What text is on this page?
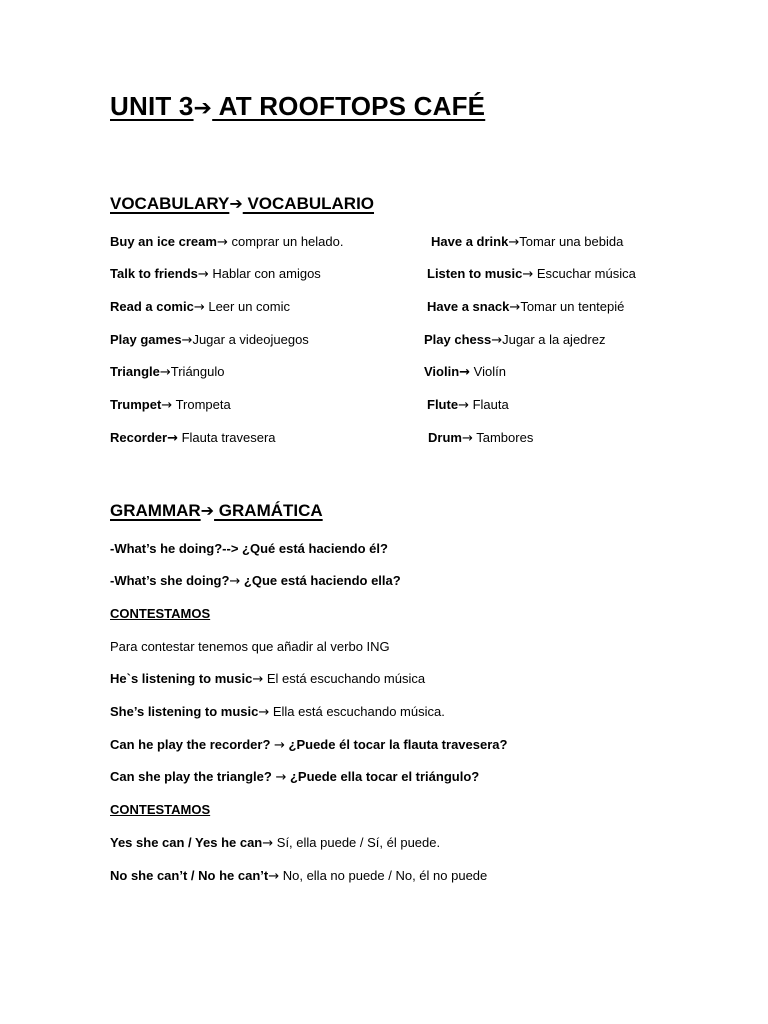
UNIT 3➔ AT ROOFTOPS CAFÉ
VOCABULARY➔ VOCABULARIO
Buy an ice cream→ comprar un helado.
Talk to friends→ Hablar con amigos
Read a comic→ Leer un comic
Play games→Jugar a videojuegos
Triangle→Triángulo
Trumpet→ Trompeta
Recorder→ Flauta travesera
Have a drink→Tomar una bebida
Listen to music→ Escuchar música
Have a snack→Tomar un tentepié
Play chess→Jugar a la ajedrez
Violin→ Violín
Flute→ Flauta
Drum→ Tambores
GRAMMAR➔ GRAMÁTICA
-What’s he doing?--> ¿Qué está haciendo él?
-What’s she doing?→ ¿Que está haciendo ella?
CONTESTAMOS
Para contestar tenemos que añadir al verbo ING
He`s listening to music→ El está escuchando música
She’s listening to music→ Ella está escuchando música.
Can he play the recorder? → ¿Puede él tocar la flauta travesera?
Can she play the triangle? → ¿Puede ella tocar el triángulo?
CONTESTAMOS
Yes she can / Yes he can→ Sí, ella puede / Sí, él puede.
No she can’t / No he can’t→ No, ella no puede / No, él no puede
